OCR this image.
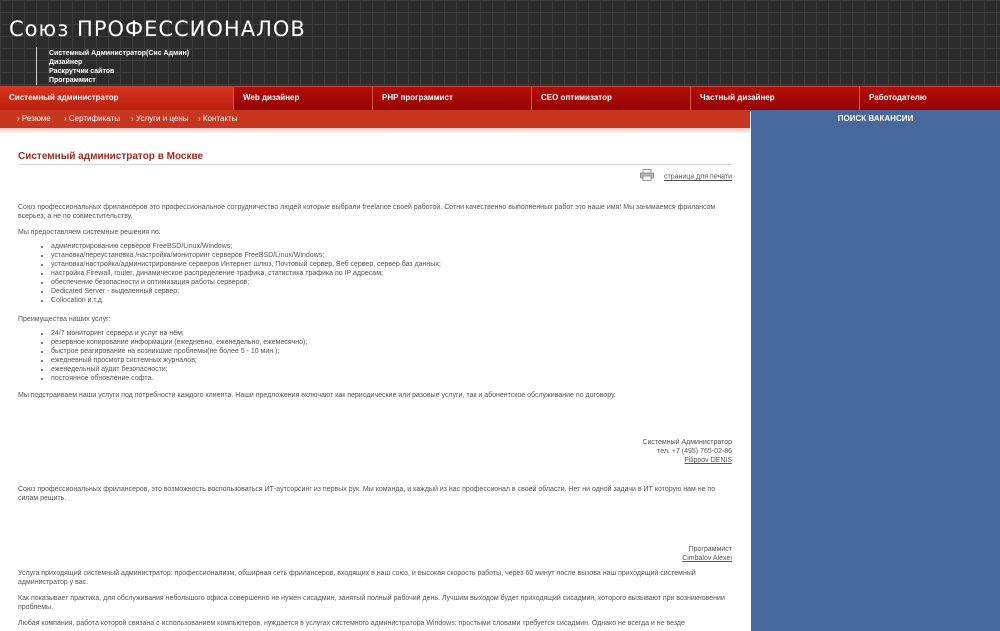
Союз ПРОФЕССИОНАЛОВ
Системный Администратор(Сис Админ)
Дизайнер
Раскрутчик сайтов
Программист
Системный администратор	Web дизайнер	PHP программист	СЕО оптимизатор	Частный дизайнер	Работодателю
› Резюме › Сертификаты › Услуги и цены › Контакты	ПОИСК ВАКАНСИИ
Системный администратор в Москве
страница для печати

Союз профессиональных фрилансеров это профессиональное сотрудничество людей которые выбрали freelance своей работой. Сотни качественно выполненных работ это наше имя! Мы занимаемся фрилансом всерьез, а не по совместительству.

Мы предоставляем системные решения по:

• администрированию серверов FreeBSD/Linux/Windows;
• установка/переустановка /настройка/мониторинг серверов FreeBSD/Linux/Windows;
• установка/настройка/администрирование серверов Интернет шлюз, Почтовый сервер, Веб сервер, сервер баз данных;
• настройка Firewall, router, динамическое распределение трафика, статистика трафика по IP адресам;
• обеспечение безопасности и оптимизация работы серверов;
• Dedicated Server - выделенный сервер;
• Collocation и.т.д.

Преимущества наших услуг:

• 24/7 мониторинг сервера и услуг на нём;
• резервное копирование информации (ежедневно, еженедельно, ежемесячно);
• быстрое реагирование на возникшие проблемы(не более 5 - 10 мин.);
• ежедневный просмотр системных журналов;
• еженедельный аудит безопасности;
• постоянное обновление софта.

Мы подстраиваем наши услуги под потребности каждого клиента. Наши предложения включают как периодические или разовые услуги, так и абонентское обслуживание по договору.

Системный Администратор
тел. +7 (495) 765-02-86
Filippov DENIS

Союз профессиональных фрилансеров, это возможность воспользоваться ИТ-аутсорсинг из первых рук. Мы команда, и каждый из нас профессионал в своей области. Нет ни одной задачи в ИТ которую нам не по силам решить.

Программист
Cimbalov Alexei

Услуга приходящий системный администратор: профессионализм, обширная сеть фрилансеров, входящих в наш союз, и высокая скорость работы, через 60 минут после вызова наш приходящий системный администратор у вас.

Как показывает практика, для обслуживания небольшого офиса совершенно не нужен сисадмин, занятый полный рабочий день. Лучшим выходом будет приходящий сисадмин, которого вызывают при возникновении проблемы.

Любая компания, работа которой связана с использованием компьютеров, нуждается в услугах системного администратора Windows; простыми словами требуется сисадмин. Однако не всегда и не везде
